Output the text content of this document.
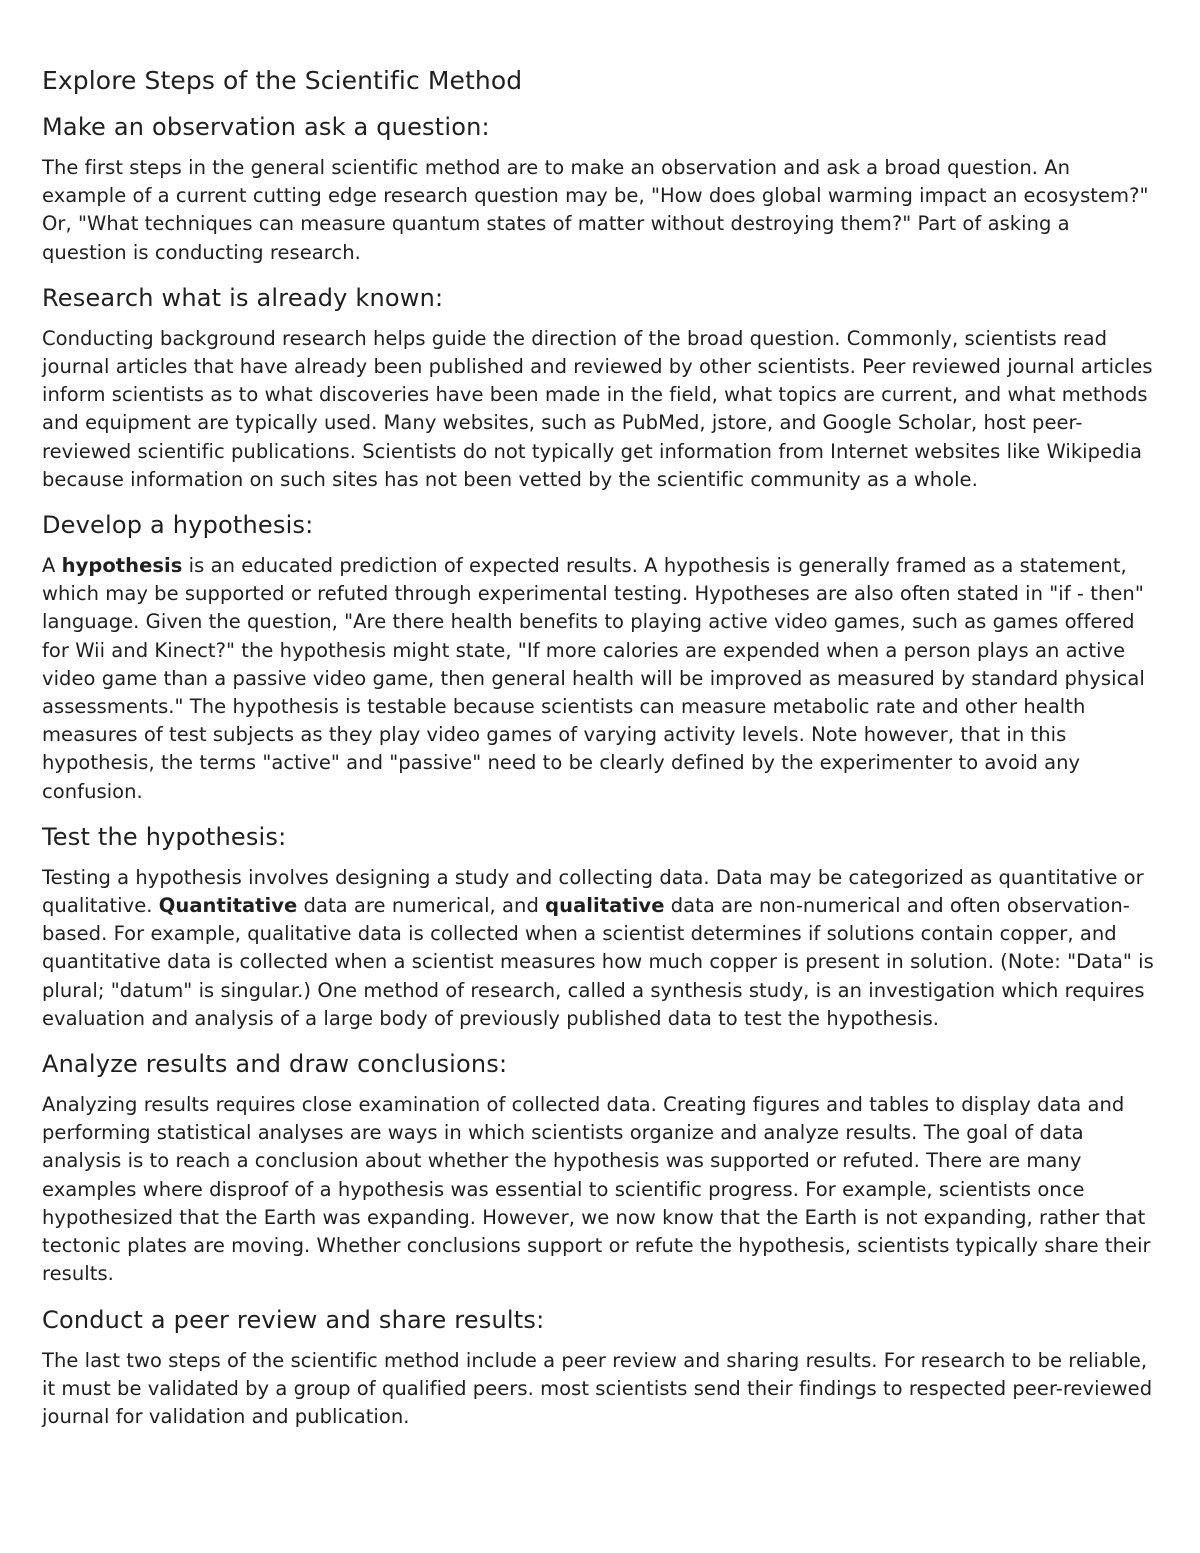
Explore Steps of the Scientific Method
Make an observation ask a question:

The first steps in the general scientific method are to make an observation and ask a broad question. An example of a current cutting edge research question may be, "How does global warming impact an ecosystem?" Or, "What techniques can measure quantum states of matter without destroying them?" Part of asking a question is conducting research.

Research what is already known:

Conducting background research helps guide the direction of the broad question. Commonly, scientists read journal articles that have already been published and reviewed by other scientists. Peer reviewed journal articles inform scientists as to what discoveries have been made in the field, what topics are current, and what methods and equipment are typically used. Many websites, such as PubMed, jstore, and Google Scholar, host peer-reviewed scientific publications. Scientists do not typically get information from Internet websites like Wikipedia because information on such sites has not been vetted by the scientific community as a whole.

Develop a hypothesis:

A hypothesis is an educated prediction of expected results. A hypothesis is generally framed as a statement, which may be supported or refuted through experimental testing. Hypotheses are also often stated in "if - then" language. Given the question, "Are there health benefits to playing active video games, such as games offered for Wii and Kinect?" the hypothesis might state, "If more calories are expended when a person plays an active video game than a passive video game, then general health will be improved as measured by standard physical assessments." The hypothesis is testable because scientists can measure metabolic rate and other health measures of test subjects as they play video games of varying activity levels. Note however, that in this hypothesis, the terms "active" and "passive" need to be clearly defined by the experimenter to avoid any confusion.

Test the hypothesis:

Testing a hypothesis involves designing a study and collecting data. Data may be categorized as quantitative or qualitative. Quantitative data are numerical, and qualitative data are non-numerical and often observation-based. For example, qualitative data is collected when a scientist determines if solutions contain copper, and quantitative data is collected when a scientist measures how much copper is present in solution. (Note: "Data" is plural; "datum" is singular.) One method of research, called a synthesis study, is an investigation which requires evaluation and analysis of a large body of previously published data to test the hypothesis.

Analyze results and draw conclusions:

Analyzing results requires close examination of collected data. Creating figures and tables to display data and performing statistical analyses are ways in which scientists organize and analyze results. The goal of data analysis is to reach a conclusion about whether the hypothesis was supported or refuted. There are many examples where disproof of a hypothesis was essential to scientific progress. For example, scientists once hypothesized that the Earth was expanding. However, we now know that the Earth is not expanding, rather that tectonic plates are moving. Whether conclusions support or refute the hypothesis, scientists typically share their results.

Conduct a peer review and share results:

The last two steps of the scientific method include a peer review and sharing results. For research to be reliable, it must be validated by a group of qualified peers. most scientists send their findings to respected peer-reviewed journal for validation and publication.
